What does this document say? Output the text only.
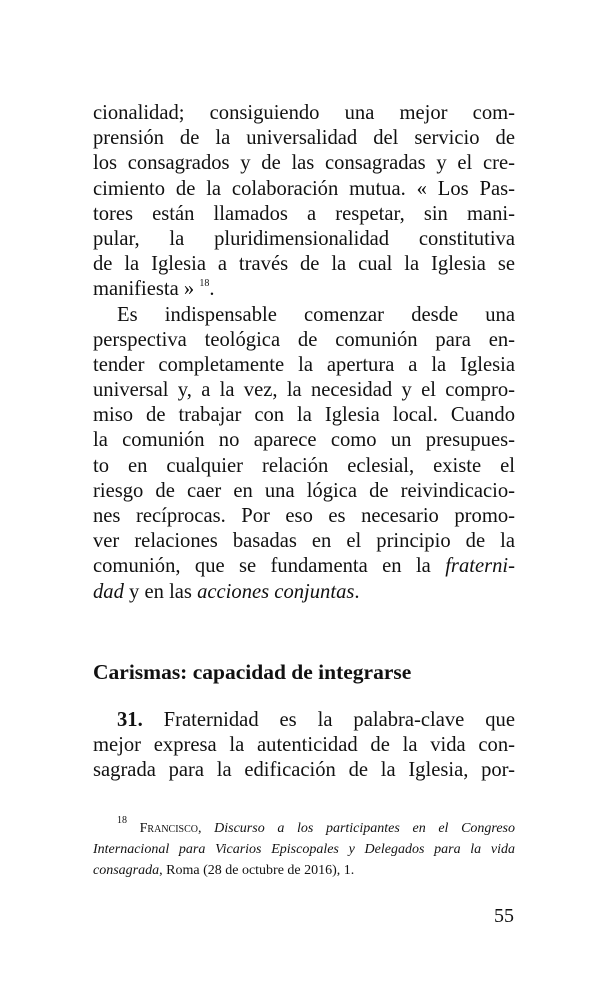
cionalidad; consiguiendo una mejor com-
prensión de la universalidad del servicio de
los consagrados y de las consagradas y el cre-
cimiento de la colaboración mutua. « Los Pas-
tores están llamados a respetar, sin mani-
pular, la pluridimensionalidad constitutiva
de la Iglesia a través de la cual la Iglesia se
manifiesta » $^{18}$.
Es indispensable comenzar desde una
perspectiva teológica de comunión para en-
tender completamente la apertura a la Iglesia
universal y, a la vez, la necesidad y el compro-
miso de trabajar con la Iglesia local. Cuando
la comunión no aparece como un presupues-
to en cualquier relación eclesial, existe el
riesgo de caer en una lógica de reivindicacio-
nes recíprocas. Por eso es necesario promo-
ver relaciones basadas en el principio de la
comunión, que se fundamenta en la fraterni-
dad y en las acciones conjuntas.
Carismas: capacidad de integrarse
31. Fraternidad es la palabra-clave que
mejor expresa la autenticidad de la vida con-
sagrada para la edificación de la Iglesia, por-
$^{18}$ Francisco, Discurso a los participantes en el Congreso
Internacional para Vicarios Episcopales y Delegados para la vida
consagrada, Roma (28 de octubre de 2016), 1.
55
